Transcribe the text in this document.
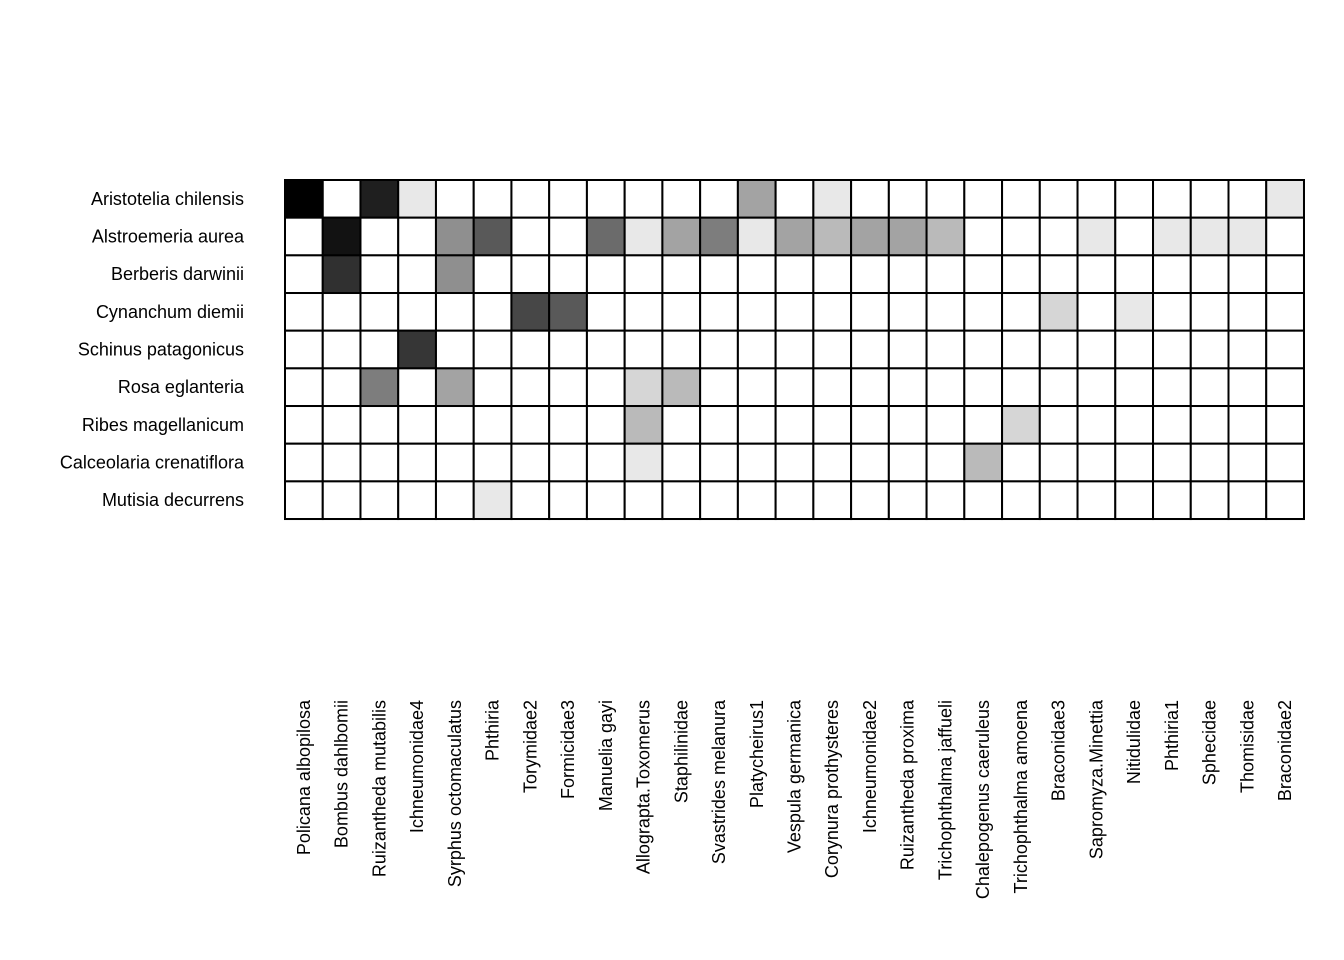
Aristotelia chilensis
Alstroemeria aurea
Berberis darwinii
Cynanchum diemii
Schinus patagonicus
Rosa eglanteria
Ribes magellanicum
Calceolaria crenatiflora
Mutisia decurrens
Policana albopilosa Bombus dahlbomii Ruizantheda mutabilis Ichneumonidae4 Syrphus octomaculatus Phthiria Torymidae2 Formicidae3 Manuelia gayi Allograpta.Toxomerus Staphilinidae Svastrides melanura Platycheirus1 Vespula germanica Corynura prothysteres Ichneumonidae2 Ruizantheda proxima Trichophthalma jaffueli Chalepogenus caeruleus Trichophthalma amoena Braconidae3 Sapromyza.Minettia Nitidulidae Phthiria1 Sphecidae Thomisidae Braconidae2
